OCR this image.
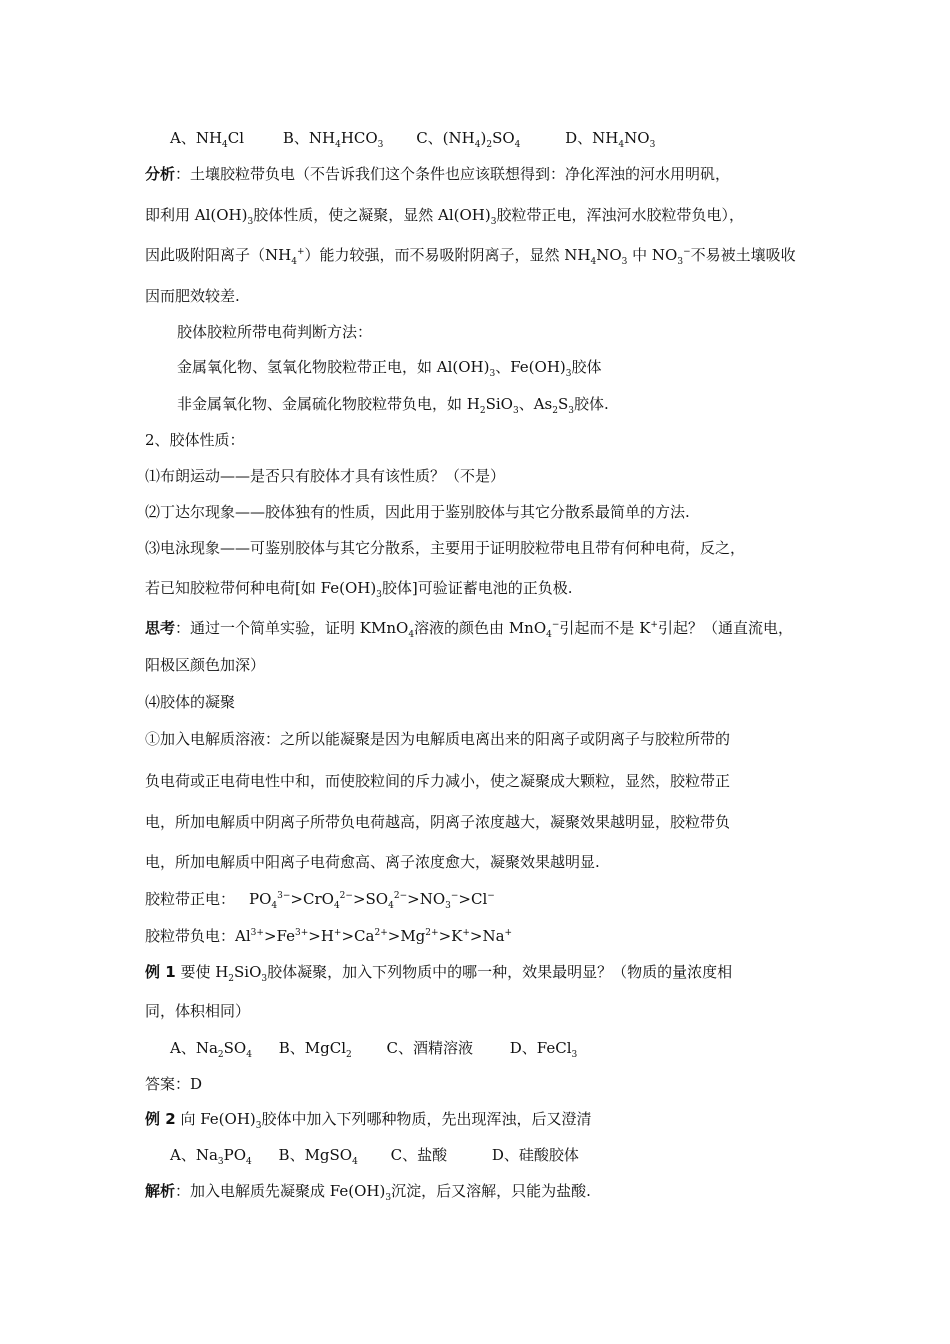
A、$NH_4Cl$	B、$NH_4HCO_3$ C、$(NH_4)_2SO_4$	D、$NH_4NO_3$
分析：土壤胶粒带负电（不告诉我们这个条件也应该联想得到：净化浑浊的河水用明矾，
即利用 $Al(OH)_3$胶体性质，使之凝聚，显然 $Al(OH)_3$胶粒带正电，浑浊河水胶粒带负电），
因此吸附阳离子$(NH_4^+)$能力较强，而不易吸附阴离子，显然 $NH_4NO_3$ 中 $NO_3^-$不易被土壤吸收
因而肥效较差.
胶体胶粒所带电荷判断方法：
金属氧化物、氢氧化物胶粒带正电，如 $Al(OH)_3$、$Fe(OH)_3$胶体
非金属氧化物、金属硫化物胶粒带负电，如 $H_2SiO_3$、$As_2S_3$胶体.
2、胶体性质：
⑴布朗运动——是否只有胶体才具有该性质？（不是）
⑵丁达尔现象——胶体独有的性质，因此用于鉴别胶体与其它分散系最简单的方法.
⑶电泳现象——可鉴别胶体与其它分散系，主要用于证明胶粒带电且带有何种电荷，反之，
若已知胶粒带何种电荷[如 $Fe(OH)_3$胶体]可验证蓄电池的正负极.
思考：通过一个简单实验，证明 KMnO$_4$溶液的颜色由 MnO$_4$−引起而不是 K+引起？（通直流电，
阳极区颜色加深）
⑷胶体的凝聚
①加入电解质溶液：之所以能凝聚是因为电解质电离出来的阳离子或阴离子与胶粒所带的
负电荷或正电荷电性中和，而使胶粒间的斥力减小，使之凝聚成大颗粒，显然，胶粒带正
电，所加电解质中阴离子所带负电荷越高，阴离子浓度越大，凝聚效果越明显，胶粒带负
电，所加电解质中阳离子电荷愈高、离子浓度愈大，凝聚效果越明显.
胶粒带正电： $PO_4^{3-}>CrO_4^{2-}>SO_4^{2-}>NO_3^->Cl^-$
胶粒带负电：$Al^{3+}>Fe^{3+}>H^+>Ca^{2+}>Mg^{2+}>K^+>Na^+$
例 1 要使 $H_2SiO_3$胶体凝聚，加入下列物质中的哪一种，效果最明显？（物质的量浓度相
同，体积相同）
A、$Na_2SO_4$ B、MgCl$_2$ C、酒精溶液 D、FeCl$_3$
答案：D
例 2 向 $Fe(OH)_3$胶体中加入下列哪种物质，先出现浑浊，后又澄清
A、$Na_3PO_4$ B、MgSO$_4$ C、盐酸	D、硅酸胶体
解析：加入电解质先凝聚成 $Fe(OH)_3$沉淀，后又溶解，只能为盐酸.
